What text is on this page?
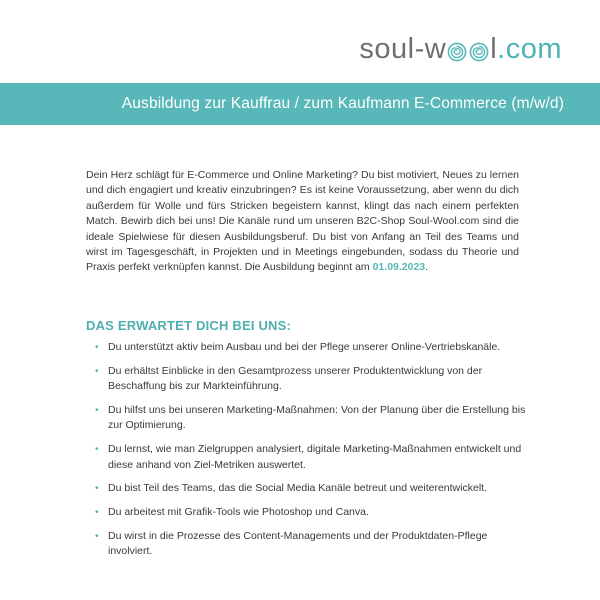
soul-w l .com
Ausbildung zur Kauffrau / zum Kaufmann E-Commerce (m/w/d)

Dein Herz schlägt für E-Commerce und Online Marketing? Du bist motiviert, Neues zu lernen und dich engagiert und kreativ einzubringen? Es ist keine Voraussetzung, aber wenn du dich außerdem für Wolle und fürs Stricken begeistern kannst, klingt das nach einem perfekten Match. Bewirb dich bei uns! Die Kanäle rund um unseren B2C-Shop Soul-Wool.com sind die ideale Spielwiese für diesen Ausbildungsberuf. Du bist von Anfang an Teil des Teams und wirst im Tagesgeschäft, in Projekten und in Meetings eingebunden, sodass du Theorie und Praxis perfekt verknüpfen kannst. Die Ausbildung beginnt am 01.09.2023.

DAS ERWARTET DICH BEI UNS:
• Du unterstützt aktiv beim Ausbau und bei der Pflege unserer Online-Vertriebskanäle.
• Du erhältst Einblicke in den Gesamtprozess unserer Produktentwicklung von der Beschaffung bis zur Markteinführung.
• Du hilfst uns bei unseren Marketing-Maßnahmen: Von der Planung über die Erstellung bis zur Optimierung.
• Du lernst, wie man Zielgruppen analysiert, digitale Marketing-Maßnahmen entwickelt und diese anhand von Ziel-Metriken auswertet.
• Du bist Teil des Teams, das die Social Media Kanäle betreut und weiterentwickelt.
• Du arbeitest mit Grafik-Tools wie Photoshop und Canva.
• Du wirst in die Prozesse des Content-Managements und der Produktdaten-Pflege involviert.
